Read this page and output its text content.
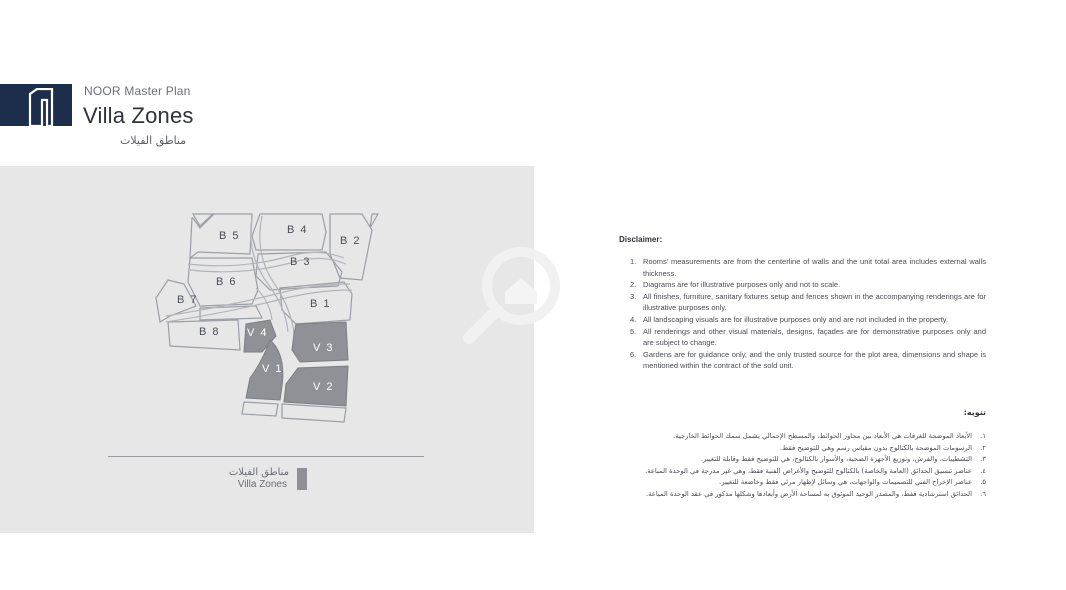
NOOR Master Plan
Villa Zones
مناطق الفيلات
B 5	B 4
B 2
B 3
B 6
B 7	B 1
B 8 V 4
V 3
V 1
V 2
مناطق الفيلات
Villa Zones
Disclaimer:
1. Rooms' measurements are from the centerline of walls and the unit total area includes external walls thickness.
2. Diagrams are for illustrative purposes only and not to scale.
3. All finishes, furniture, sanitary fixtures setup and fences shown in the accompanying renderings are for illustrative purposes only.
4. All landscaping visuals are for illustrative purposes only and are not included in the property.
5. All renderings and other visual materials, designs, façades are for demonstrative purposes only and are subject to change.
6. Gardens are for guidance only, and the only trusted source for the plot area, dimensions and shape is mentioned within the contract of the sold unit.
تنويه:
١.
الأبعاد الموضحة للغرفات هي الأبعاد بين محاور الحوائط، والمسطح الإجمالي يشمل سمك الحوائط الخارجية.
٢.
الرسومات الموضحة بالكتالوج بدون مقياس رسم وهي للتوضيح فقط.
٣.
التشطيبات، والفرش، وتوزيع الأجهزة الصحية، والأسوار بالكتالوج، هي للتوضيح فقط وقابلة للتغيير.
٤.
عناصر تنسيق الحدائق (العامة والخاصة) بالكتالوج للتوضيح والأغراض الفنية فقط، وهي غير مدرجة في الوحدة المباعة.
٥.
عناصر الإخراج الفني للتصميمات والواجهات، هي وسائل لإظهار مرئي فقط وخاضعة للتغيير.
٦.
الحدائق استرشادية فقط، والمصدر الوحيد الموثوق به لمساحة الأرض وأبعادها وشكلها مذكور في عقد الوحدة المباعة.
